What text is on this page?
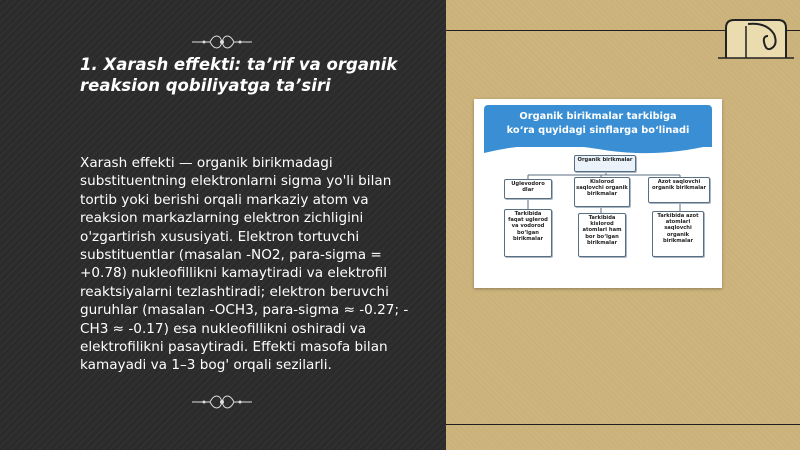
1. Xarash effekti: ta’rif va organik reaksion qobiliyatga ta’siri

Xarash effekti — organik birikmadagi substituentning elektronlarni sigma yo'li bilan tortib yoki berishi orqali markaziy atom va reaksion markazlarning elektron zichligini o'zgartirish xususiyati. Elektron tortuvchi substituentlar (masalan -NO2, para-sigma = +0.78) nukleofillikni kamaytiradi va elektrofil reaktsiyalarni tezlashtiradi; elektron beruvchi guruhlar (masalan -OCH3, para-sigma ≈ -0.27; -CH3 ≈ -0.17) esa nukleofillikni oshiradi va elektrofilikni pasaytiradi. Effekti masofa bilan kamayadi va 1–3 bog' orqali sezilarli.

Organik birikmalar tarkibiga
ko‘ra quyidagi sinflarga bo‘linadi
Organik birikmalar
Uglevodoro dlar
Kislorod saqlovchi organik birikmalar
Azot saqlovchi organik birikmalar
Tarkibida faqat uglerod va vodorod bo‘lgan birikmalar
Tarkibida kislorod atomlari ham bor bo‘lgan birikmalar
Tarkibida azot atomlari saqlovchi organik birikmalar
